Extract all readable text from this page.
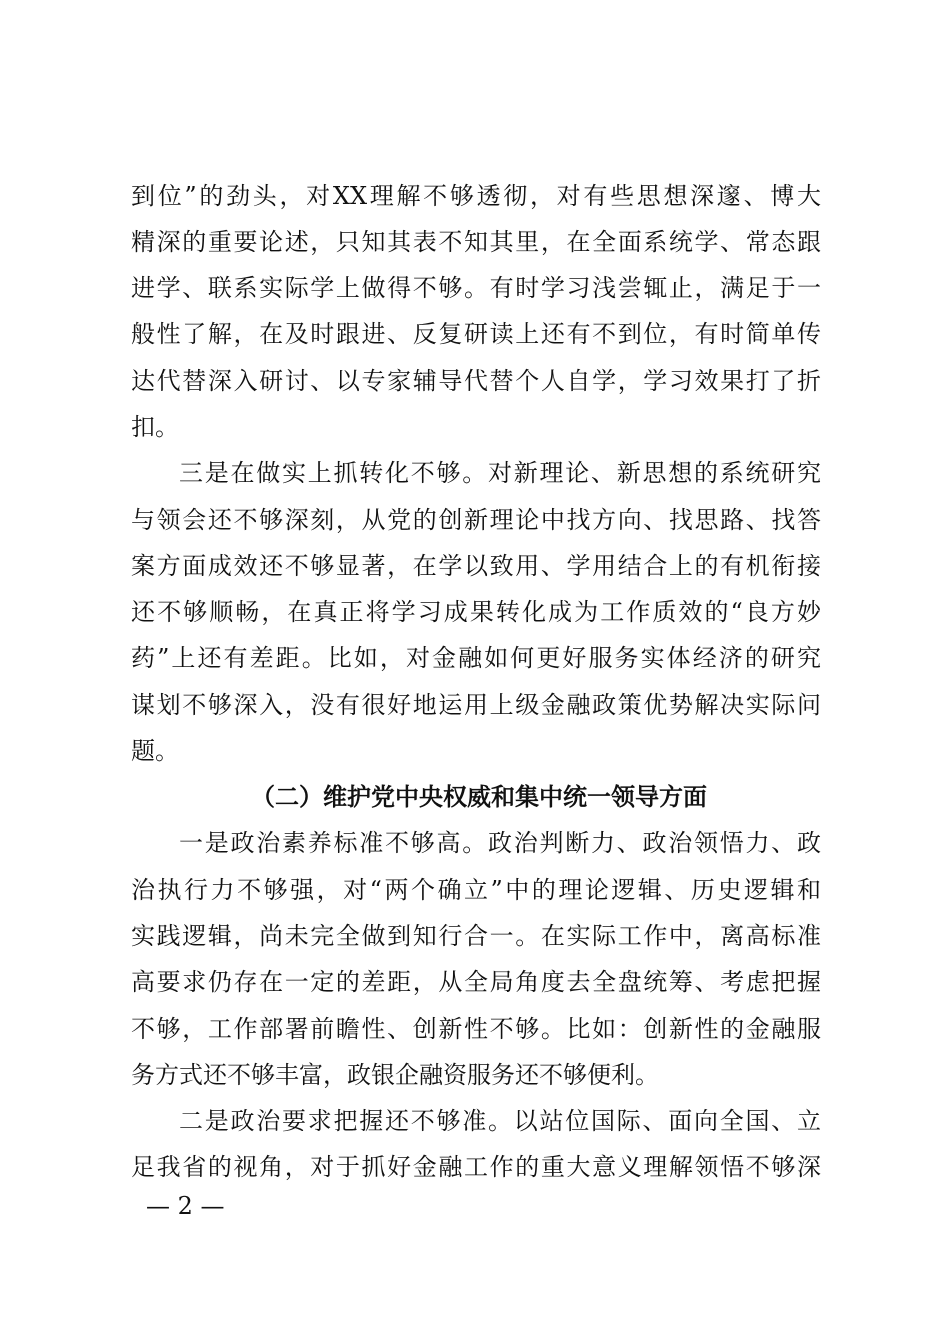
到位”的劲头，对XX理解不够透彻，对有些思想深邃、博大
精深的重要论述，只知其表不知其里，在全面系统学、常态跟
进学、联系实际学上做得不够。有时学习浅尝辄止，满足于一
般性了解，在及时跟进、反复研读上还有不到位，有时简单传
达代替深入研讨、以专家辅导代替个人自学，学习效果打了折
扣。
三是在做实上抓转化不够。对新理论、新思想的系统研究
与领会还不够深刻，从党的创新理论中找方向、找思路、找答
案方面成效还不够显著，在学以致用、学用结合上的有机衔接
还不够顺畅，在真正将学习成果转化成为工作质效的“良方妙
药”上还有差距。比如，对金融如何更好服务实体经济的研究
谋划不够深入，没有很好地运用上级金融政策优势解决实际问
题。
（二）维护党中央权威和集中统一领导方面
一是政治素养标准不够高。政治判断力、政治领悟力、政
治执行力不够强，对“两个确立”中的理论逻辑、历史逻辑和
实践逻辑，尚未完全做到知行合一。在实际工作中，离高标准
高要求仍存在一定的差距，从全局角度去全盘统筹、考虑把握
不够，工作部署前瞻性、创新性不够。比如：创新性的金融服
务方式还不够丰富，政银企融资服务还不够便利。
二是政治要求把握还不够准。以站位国际、面向全国、立
足我省的视角，对于抓好金融工作的重大意义理解领悟不够深
— 2 —
